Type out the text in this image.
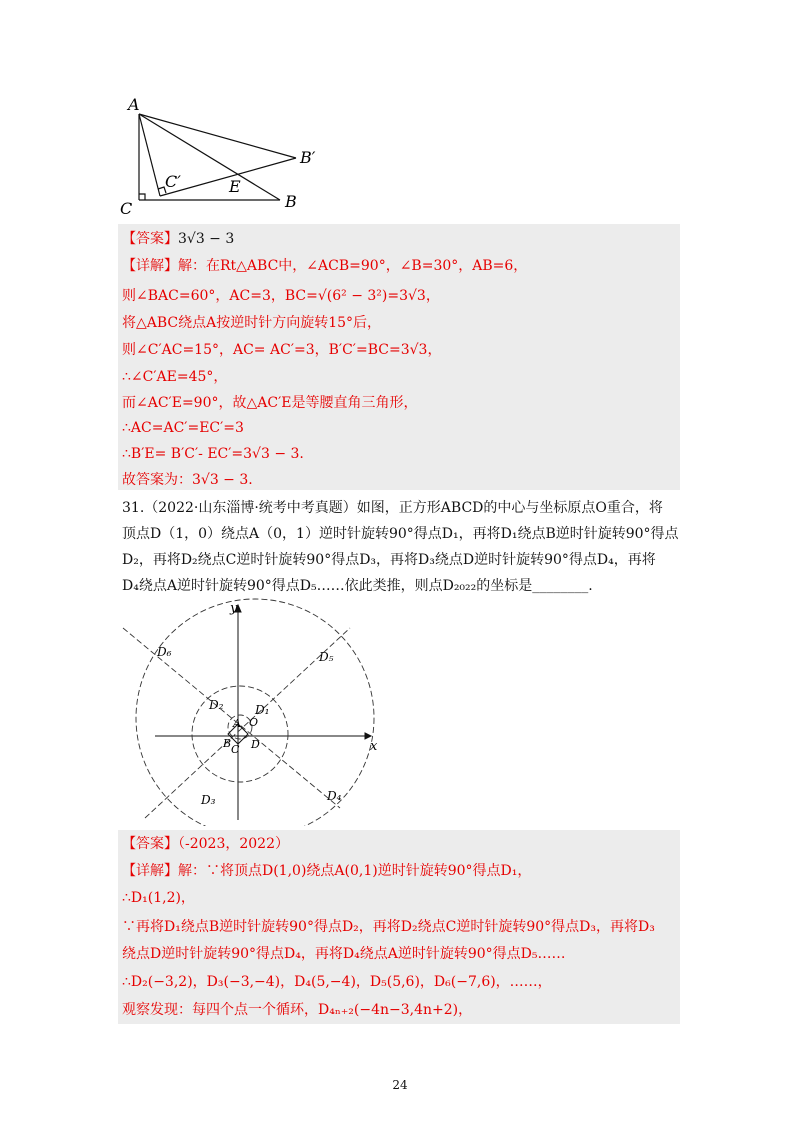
A
C	B
B′
C′	E
【答案】3√3 − 3
【详解】解：在Rt△ABC中，∠ACB=90°，∠B=30°，AB=6，
则∠BAC=60°，AC=3，BC=√(6² − 3²)=3√3，
将△ABC绕点A按逆时针方向旋转15°后，
则∠C′AC=15°，AC= AC′=3，B′C′=BC=3√3，
∴∠C′AE=45°，
而∠AC′E=90°，故△AC′E是等腰直角三角形，
∴AC=AC′=EC′=3
∴B′E= B′C′- EC′=3√3 − 3.
故答案为：3√3 − 3.
31.（2022·山东淄博·统考中考真题）如图，正方形ABCD的中心与坐标原点O重合，将
顶点D（1，0）绕点A（0，1）逆时针旋转90°得点D₁，再将D₁绕点B逆时针旋转90°得点
D₂，再将D₂绕点C逆时针旋转90°得点D₃，再将D₃绕点D逆时针旋转90°得点D₄，再将
D₄绕点A逆时针旋转90°得点D₅……依此类推，则点D₂₀₂₂的坐标是________.
x
y
D₆	D₅
D₂	D₁
A O
B C D
D₃	D₄
【答案】（-2023，2022）
【详解】解：∵将顶点D(1,0)绕点A(0,1)逆时针旋转90°得点D₁，
∴D₁(1,2)，
∵再将D₁绕点B逆时针旋转90°得点D₂，再将D₂绕点C逆时针旋转90°得点D₃，再将D₃
绕点D逆时针旋转90°得点D₄，再将D₄绕点A逆时针旋转90°得点D₅……
∴D₂(−3,2)，D₃(−3,−4)，D₄(5,−4)，D₅(5,6)，D₆(−7,6)，……，
观察发现：每四个点一个循环，D₄ₙ₊₂(−4n−3,4n+2)，
24
